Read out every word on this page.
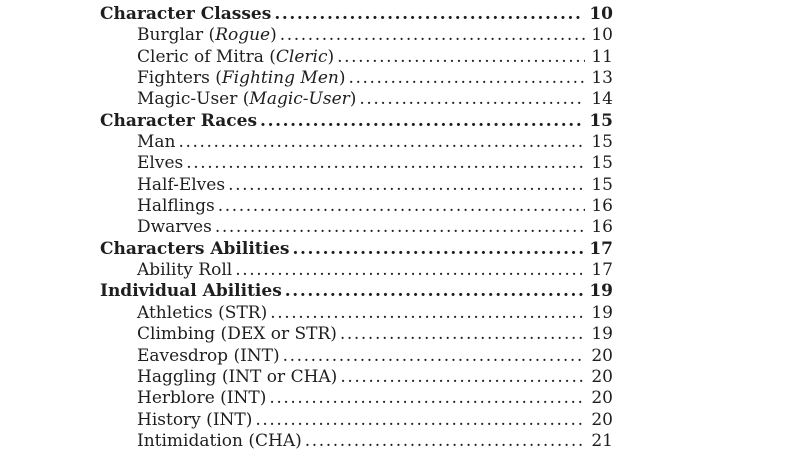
Character Classes .....	10
Burglar (Rogue) .....	10
Cleric of Mitra (Cleric) .....	11
Fighters (Fighting Men) .....	13
Magic-User (Magic-User) .....	14
Character Races .....	15
Man .....	15
Elves .....	15
Half-Elves .....	15
Halflings .....	16
Dwarves .....	16
Characters Abilities .....	17
Ability Roll .....	17
Individual Abilities .....	19
Athletics (STR) .....	19
Climbing (DEX or STR) .....	19
Eavesdrop (INT) .....	20
Haggling (INT or CHA) .....	20
Herblore (INT) .....	20
History (INT) .....	20
Intimidation (CHA) .....	21
